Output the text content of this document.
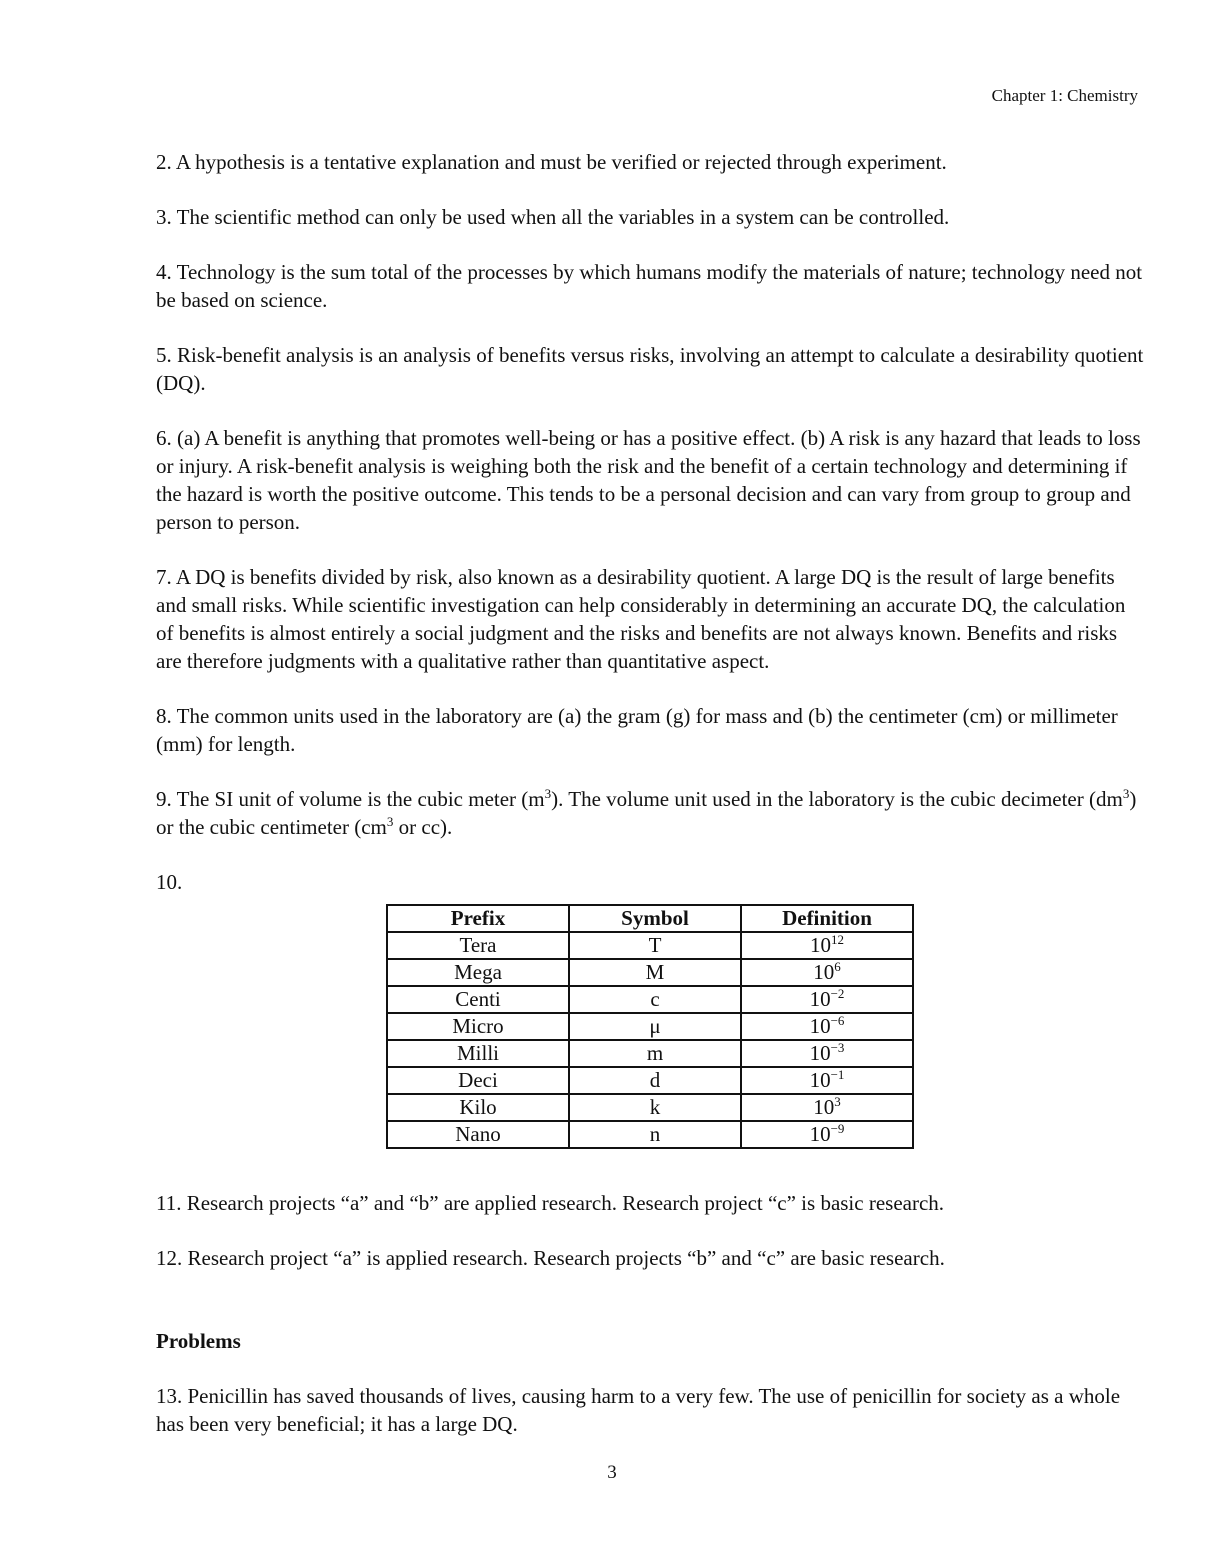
Chapter 1: Chemistry

2. A hypothesis is a tentative explanation and must be verified or rejected through experiment.

3. The scientific method can only be used when all the variables in a system can be controlled.

4. Technology is the sum total of the processes by which humans modify the materials of nature; technology need not be based on science.

5. Risk-benefit analysis is an analysis of benefits versus risks, involving an attempt to calculate a desirability quotient (DQ).

6. (a) A benefit is anything that promotes well-being or has a positive effect. (b) A risk is any hazard that leads to loss or injury. A risk-benefit analysis is weighing both the risk and the benefit of a certain technology and determining if the hazard is worth the positive outcome. This tends to be a personal decision and can vary from group to group and person to person.

7. A DQ is benefits divided by risk, also known as a desirability quotient. A large DQ is the result of large benefits and small risks. While scientific investigation can help considerably in determining an accurate DQ, the calculation of benefits is almost entirely a social judgment and the risks and benefits are not always known. Benefits and risks are therefore judgments with a qualitative rather than quantitative aspect.

8. The common units used in the laboratory are (a) the gram (g) for mass and (b) the centimeter (cm) or millimeter (mm) for length.

9. The SI unit of volume is the cubic meter $(m^3)$. The volume unit used in the laboratory is the cubic decimeter $(dm^3)$ or the cubic centimeter ($cm^3$ or cc).

10.

Prefix	Symbol	Definition
Tera	T	$10^{12}$
Mega	M	$10^6$
Centi	c	$10^{-2}$
Micro	μ	$10^{-6}$
Milli	m	$10^{-3}$
Deci	d	$10^{-1}$
Kilo	k	$10^3$
Nano	n	$10^{-9}$

11. Research projects “a” and “b” are applied research. Research project “c” is basic research.

12. Research project “a” is applied research. Research projects “b” and “c” are basic research.

Problems

13. Penicillin has saved thousands of lives, causing harm to a very few. The use of penicillin for society as a whole has been very beneficial; it has a large DQ.

3
